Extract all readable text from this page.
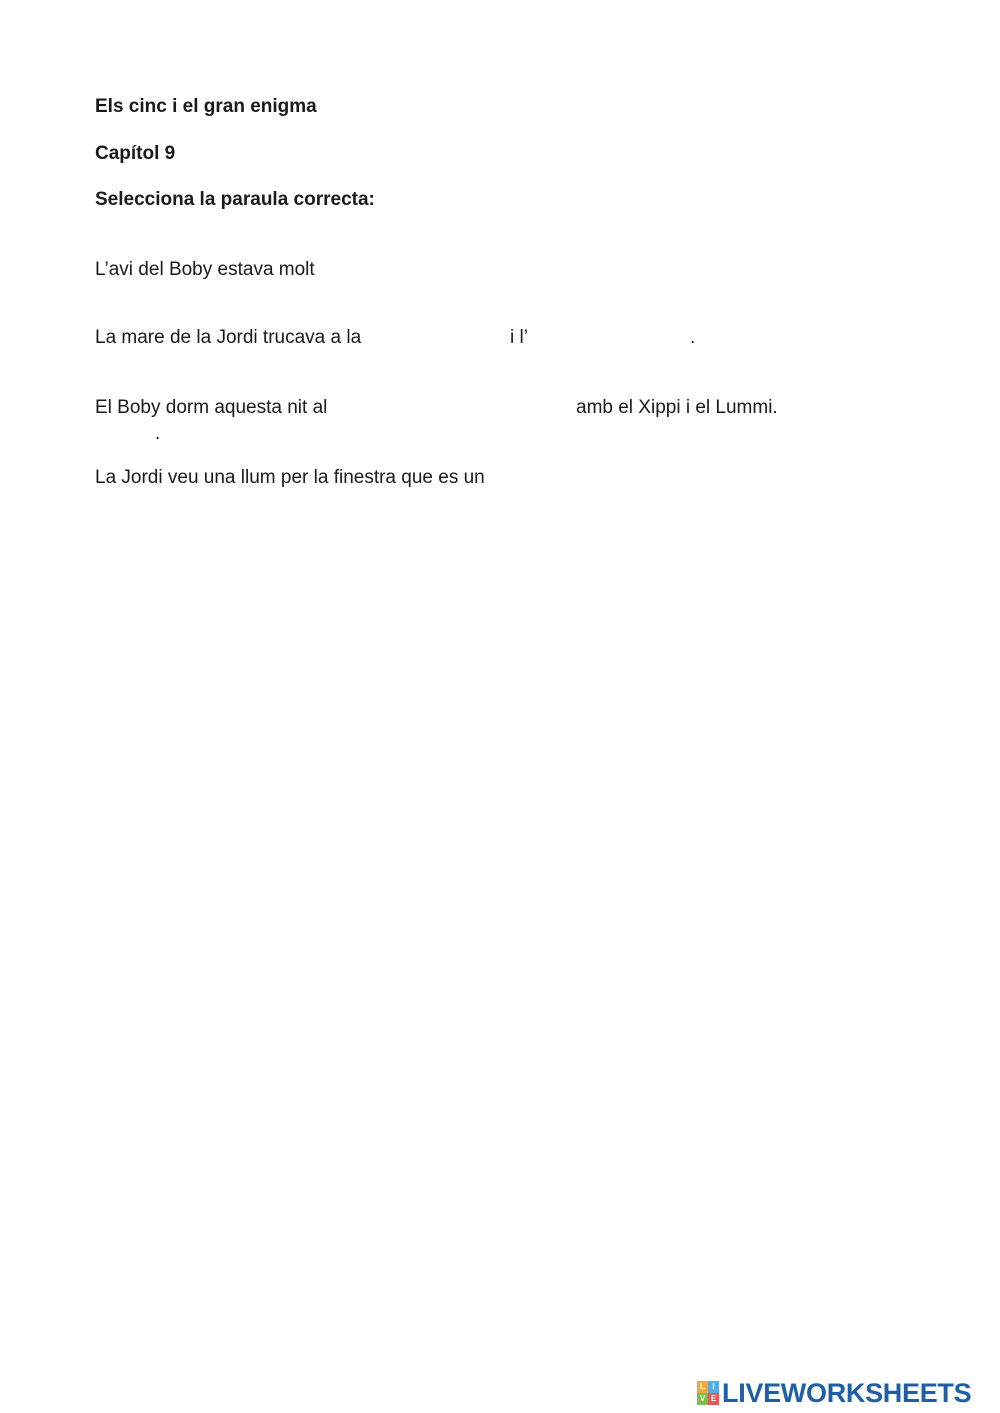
Els cinc i el gran enigma

Capítol 9

Selecciona la paraula correcta:

L’avi del Boby estava molt

La mare de la Jordi trucava a la	i l’	.

El Boby dorm aquesta nit al	amb el Xippi i el Lummi.

.

La Jordi veu una llum per la finestra que es un

L I
V E LIVEWORKSHEETS
